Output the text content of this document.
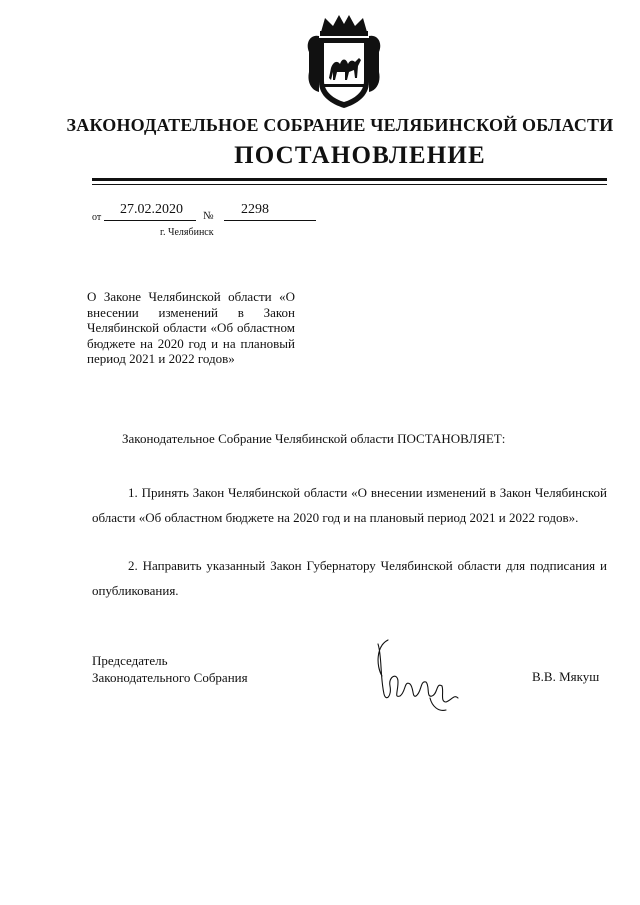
ЗАКОНОДАТЕЛЬНОЕ СОБРАНИЕ ЧЕЛЯБИНСКОЙ ОБЛАСТИ
ПОСТАНОВЛЕНИЕ
от
27.02.2020 № 2298
г. Челябинск
О Законе Челябинской области «О внесении изменений в Закон Челябинской области «Об областном бюджете на 2020 год и на плановый период 2021 и 2022 годов»
Законодательное Собрание Челябинской области ПОСТАНОВЛЯЕТ:
1. Принять Закон Челябинской области «О внесении изменений в Закон Челябинской области «Об областном бюджете на 2020 год и на плановый период 2021 и 2022 годов».
2. Направить указанный Закон Губернатору Челябинской области для подписания и опубликования.
Председатель
Законодательного Собрания	В.В. Мякуш
